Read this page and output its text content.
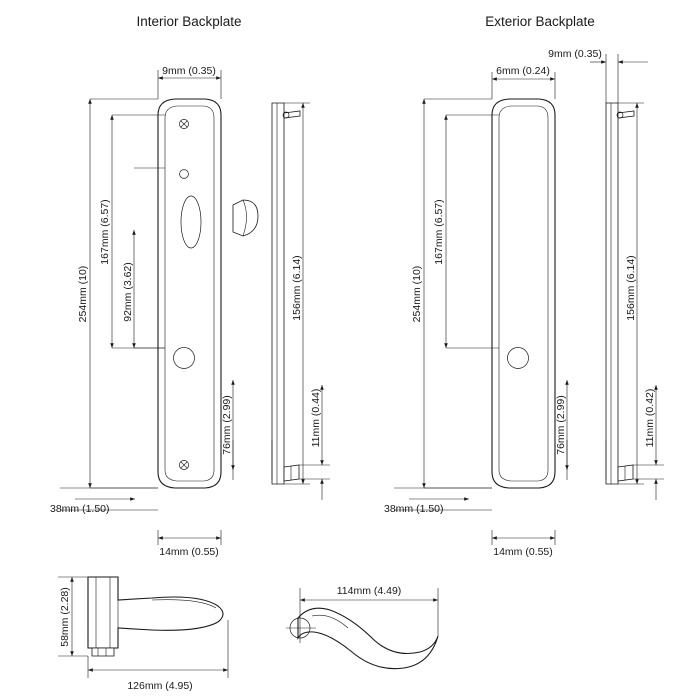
Interior Backplate	Exterior Backplate
9mm (0.35)
254mm (10)
167mm (6.57)
92mm (3.62)
76mm (2.99)
38mm (1.50)
14mm (0.55)
156mm (6.14)
11mm (0.44)
6mm (0.24)
9mm (0.35)
254mm (10)
167mm (6.57)
76mm (2.99)
38mm (1.50)
14mm (0.55)
156mm (6.14)
11mm (0.42)
58mm (2.28)
126mm (4.95)
114mm (4.49)
